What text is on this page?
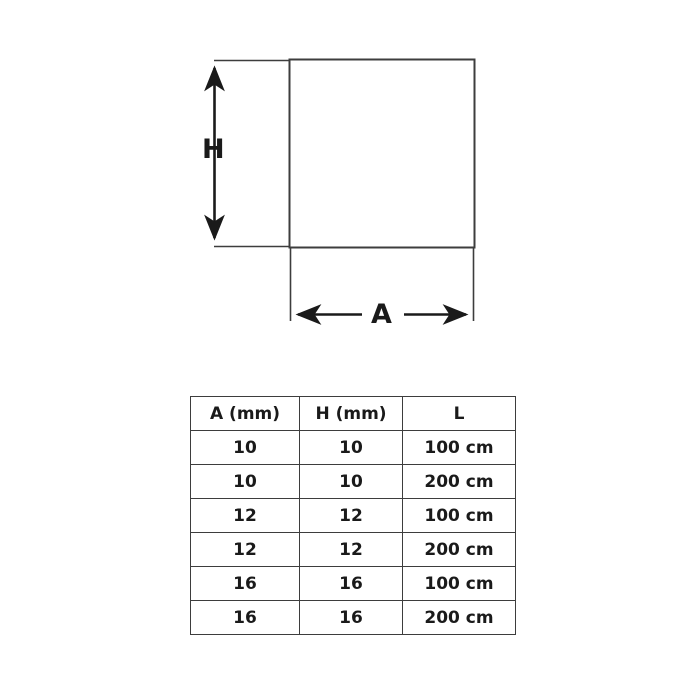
H
A
A (mm)	H (mm)	L
10	10	100 cm
10	10	200 cm
12	12	100 cm
12	12	200 cm
16	16	100 cm
16	16	200 cm
